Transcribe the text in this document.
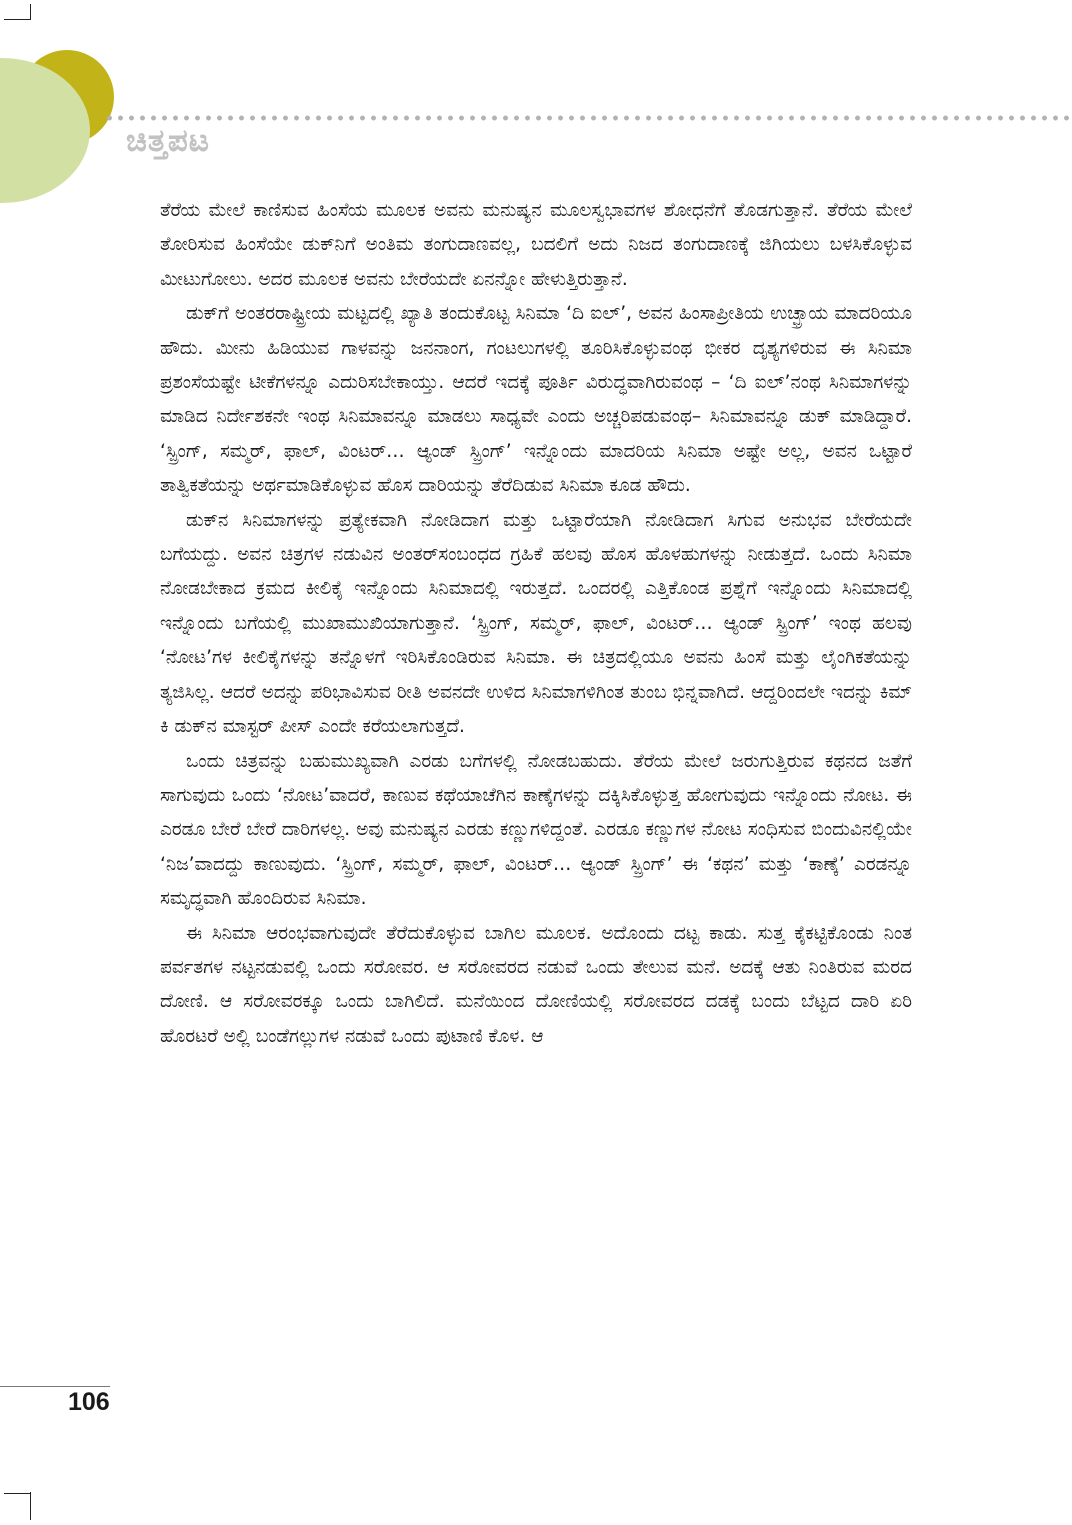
ಚಿತ್ತಪಟ

ತೆರೆಯ ಮೇಲೆ ಕಾಣಿಸುವ ಹಿಂಸೆಯ ಮೂಲಕ ಅವನು ಮನುಷ್ಯನ ಮೂಲಸ್ವಭಾವಗಳ ಶೋಧನೆಗೆ ತೊಡಗುತ್ತಾನೆ. ತೆರೆಯ ಮೇಲೆ ತೋರಿಸುವ ಹಿಂಸೆಯೇ ಡುಕ್‌ನಿಗೆ ಅಂತಿಮ ತಂಗುದಾಣವಲ್ಲ, ಬದಲಿಗೆ ಅದು ನಿಜದ ತಂಗುದಾಣಕ್ಕೆ ಜಿಗಿಯಲು ಬಳಸಿಕೊಳ್ಳುವ ಮೀಟುಗೋಲು. ಅದರ ಮೂಲಕ ಅವನು ಬೇರೆಯದೇ ಏನನ್ನೋ ಹೇಳುತ್ತಿರುತ್ತಾನೆ.

ಡುಕ್‌ಗೆ ಅಂತರರಾಷ್ಟ್ರೀಯ ಮಟ್ಟದಲ್ಲಿ ಖ್ಯಾತಿ ತಂದುಕೊಟ್ಟ ಸಿನಿಮಾ ‘ದಿ ಐಲ್’, ಅವನ ಹಿಂಸಾಪ್ರೀತಿಯ ಉಚ್ಛ್ರಾಯ ಮಾದರಿಯೂ ಹೌದು. ಮೀನು ಹಿಡಿಯುವ ಗಾಳವನ್ನು ಜನನಾಂಗ, ಗಂಟಲುಗಳಲ್ಲಿ ತೂರಿಸಿಕೊಳ್ಳುವಂಥ ಭೀಕರ ದೃಶ್ಯಗಳಿರುವ ಈ ಸಿನಿಮಾ ಪ್ರಶಂಸೆಯಷ್ಟೇ ಟೀಕೆಗಳನ್ನೂ ಎದುರಿಸಬೇಕಾಯ್ತು. ಆದರೆ ಇದಕ್ಕೆ ಪೂರ್ತಿ ವಿರುದ್ಧವಾಗಿರುವಂಥ – ‘ದಿ ಐಲ್’ನಂಥ ಸಿನಿಮಾಗಳನ್ನು ಮಾಡಿದ ನಿರ್ದೇಶಕನೇ ಇಂಥ ಸಿನಿಮಾವನ್ನೂ ಮಾಡಲು ಸಾಧ್ಯವೇ ಎಂದು ಅಚ್ಚರಿಪಡುವಂಥ– ಸಿನಿಮಾವನ್ನೂ ಡುಕ್ ಮಾಡಿದ್ದಾರೆ. ‘ಸ್ಪ್ರಿಂಗ್, ಸಮ್ಮರ್, ಫಾಲ್, ವಿಂಟರ್… ಆ್ಯಂಡ್ ಸ್ಪ್ರಿಂಗ್’ ಇನ್ನೊಂದು ಮಾದರಿಯ ಸಿನಿಮಾ ಅಷ್ಟೇ ಅಲ್ಲ, ಅವನ ಒಟ್ಟಾರೆ ತಾತ್ವಿಕತೆಯನ್ನು ಅರ್ಥಮಾಡಿಕೊಳ್ಳುವ ಹೊಸ ದಾರಿಯನ್ನು ತೆರೆದಿಡುವ ಸಿನಿಮಾ ಕೂಡ ಹೌದು.

ಡುಕ್‌ನ ಸಿನಿಮಾಗಳನ್ನು ಪ್ರತ್ಯೇಕವಾಗಿ ನೋಡಿದಾಗ ಮತ್ತು ಒಟ್ಟಾರೆಯಾಗಿ ನೋಡಿದಾಗ ಸಿಗುವ ಅನುಭವ ಬೇರೆಯದೇ ಬಗೆಯದ್ದು. ಅವನ ಚಿತ್ರಗಳ ನಡುವಿನ ಅಂತರ್‌ಸಂಬಂಧದ ಗ್ರಹಿಕೆ ಹಲವು ಹೊಸ ಹೊಳಹುಗಳನ್ನು ನೀಡುತ್ತದೆ. ಒಂದು ಸಿನಿಮಾ ನೋಡಬೇಕಾದ ಕ್ರಮದ ಕೀಲಿಕೈ ಇನ್ನೊಂದು ಸಿನಿಮಾದಲ್ಲಿ ಇರುತ್ತದೆ. ಒಂದರಲ್ಲಿ ಎತ್ತಿಕೊಂಡ ಪ್ರಶ್ನೆಗೆ ಇನ್ನೊಂದು ಸಿನಿಮಾದಲ್ಲಿ ಇನ್ನೊಂದು ಬಗೆಯಲ್ಲಿ ಮುಖಾಮುಖಿಯಾಗುತ್ತಾನೆ. ‘ಸ್ಪ್ರಿಂಗ್, ಸಮ್ಮರ್, ಫಾಲ್, ವಿಂಟರ್… ಆ್ಯಂಡ್ ಸ್ಪ್ರಿಂಗ್’ ಇಂಥ ಹಲವು ‘ನೋಟ’ಗಳ ಕೀಲಿಕೈಗಳನ್ನು ತನ್ನೊಳಗೆ ಇರಿಸಿಕೊಂಡಿರುವ ಸಿನಿಮಾ. ಈ ಚಿತ್ರದಲ್ಲಿಯೂ ಅವನು ಹಿಂಸೆ ಮತ್ತು ಲೈಂಗಿಕತೆಯನ್ನು ತ್ಯಜಿಸಿಲ್ಲ. ಆದರೆ ಅದನ್ನು ಪರಿಭಾವಿಸುವ ರೀತಿ ಅವನದೇ ಉಳಿದ ಸಿನಿಮಾಗಳಿಗಿಂತ ತುಂಬ ಭಿನ್ನವಾಗಿದೆ. ಆದ್ದರಿಂದಲೇ ಇದನ್ನು ಕಿಮ್ ಕಿ ಡುಕ್‌ನ ಮಾಸ್ಟರ್ ಪೀಸ್ ಎಂದೇ ಕರೆಯಲಾಗುತ್ತದೆ.

ಒಂದು ಚಿತ್ರವನ್ನು ಬಹುಮುಖ್ಯವಾಗಿ ಎರಡು ಬಗೆಗಳಲ್ಲಿ ನೋಡಬಹುದು. ತೆರೆಯ ಮೇಲೆ ಜರುಗುತ್ತಿರುವ ಕಥನದ ಜತೆಗೆ ಸಾಗುವುದು ಒಂದು ‘ನೋಟ’ವಾದರೆ, ಕಾಣುವ ಕಥೆಯಾಚೆಗಿನ ಕಾಣ್ಕೆಗಳನ್ನು ದಕ್ಕಿಸಿಕೊಳ್ಳುತ್ತ ಹೋಗುವುದು ಇನ್ನೊಂದು ನೋಟ. ಈ ಎರಡೂ ಬೇರೆ ಬೇರೆ ದಾರಿಗಳಲ್ಲ. ಅವು ಮನುಷ್ಯನ ಎರಡು ಕಣ್ಣುಗಳಿದ್ದಂತೆ. ಎರಡೂ ಕಣ್ಣುಗಳ ನೋಟ ಸಂಧಿಸುವ ಬಿಂದುವಿನಲ್ಲಿಯೇ ‘ನಿಜ’ವಾದದ್ದು ಕಾಣುವುದು. ‘ಸ್ಪ್ರಿಂಗ್, ಸಮ್ಮರ್, ಫಾಲ್, ವಿಂಟರ್… ಆ್ಯಂಡ್ ಸ್ಪ್ರಿಂಗ್’ ಈ ‘ಕಥನ’ ಮತ್ತು ‘ಕಾಣ್ಕೆ’ ಎರಡನ್ನೂ ಸಮೃದ್ಧವಾಗಿ ಹೊಂದಿರುವ ಸಿನಿಮಾ.

ಈ ಸಿನಿಮಾ ಆರಂಭವಾಗುವುದೇ ತೆರೆದುಕೊಳ್ಳುವ ಬಾಗಿಲ ಮೂಲಕ. ಅದೊಂದು ದಟ್ಟ ಕಾಡು. ಸುತ್ತ ಕೈಕಟ್ಟಿಕೊಂಡು ನಿಂತ ಪರ್ವತಗಳ ನಟ್ಟನಡುವಲ್ಲಿ ಒಂದು ಸರೋವರ. ಆ ಸರೋವರದ ನಡುವೆ ಒಂದು ತೇಲುವ ಮನೆ. ಅದಕ್ಕೆ ಆತು ನಿಂತಿರುವ ಮರದ ದೋಣಿ. ಆ ಸರೋವರಕ್ಕೂ ಒಂದು ಬಾಗಿಲಿದೆ. ಮನೆಯಿಂದ ದೋಣಿಯಲ್ಲಿ ಸರೋವರದ ದಡಕ್ಕೆ ಬಂದು ಬೆಟ್ಟದ ದಾರಿ ಏರಿ ಹೊರಟರೆ ಅಲ್ಲಿ ಬಂಡೆಗಲ್ಲುಗಳ ನಡುವೆ ಒಂದು ಪುಟಾಣಿ ಕೊಳ. ಆ

106
